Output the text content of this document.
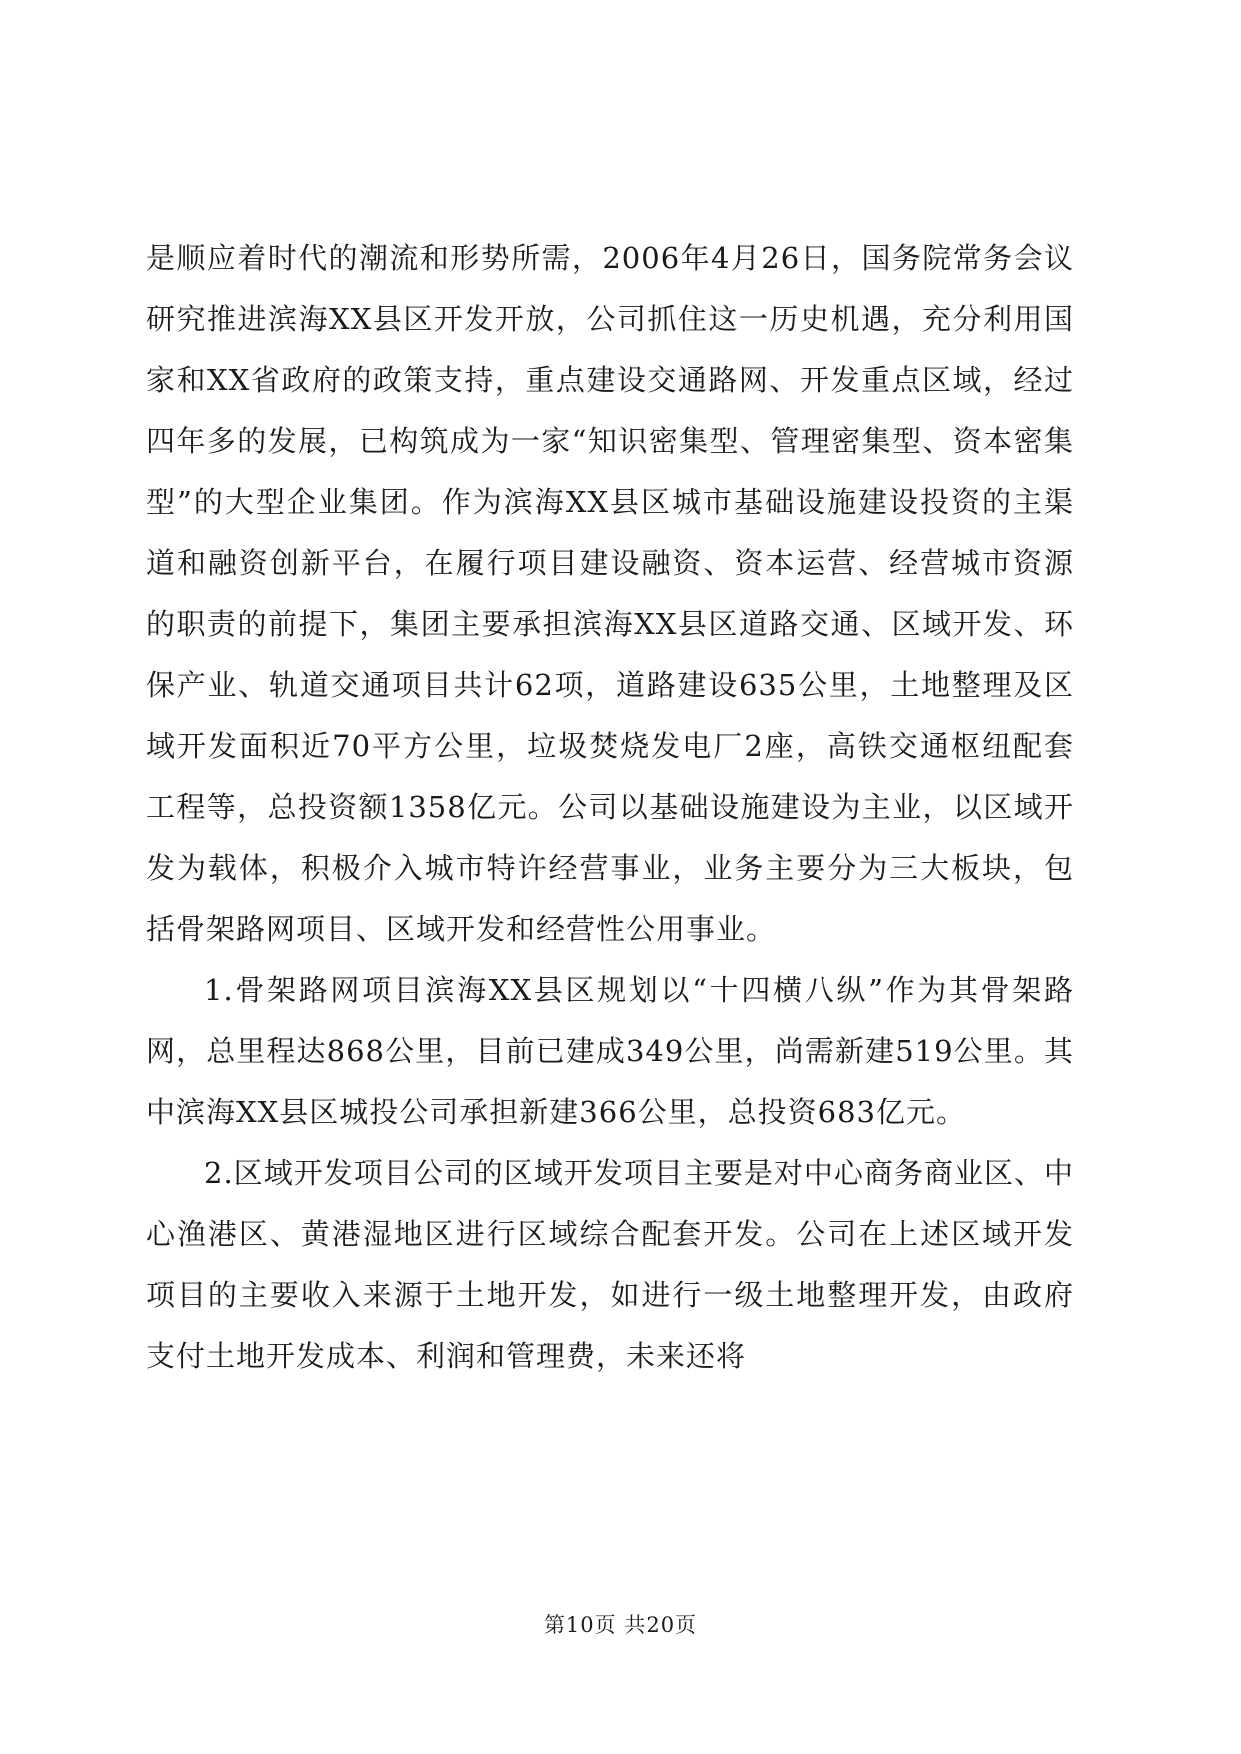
是顺应着时代的潮流和形势所需，2006年4月26日，国务院常务会议研究推进滨海XX县区开发开放，公司抓住这一历史机遇，充分利用国家和XX省政府的政策支持，重点建设交通路网、开发重点区域，经过四年多的发展，已构筑成为一家“知识密集型、管理密集型、资本密集型”的大型企业集团。作为滨海XX县区城市基础设施建设投资的主渠道和融资创新平台，在履行项目建设融资、资本运营、经营城市资源的职责的前提下，集团主要承担滨海XX县区道路交通、区域开发、环保产业、轨道交通项目共计62项，道路建设635公里，土地整理及区域开发面积近70平方公里，垃圾焚烧发电厂2座，高铁交通枢纽配套工程等，总投资额1358亿元。公司以基础设施建设为主业，以区域开发为载体，积极介入城市特许经营事业，业务主要分为三大板块，包括骨架路网项目、区域开发和经营性公用事业。

1.骨架路网项目滨海XX县区规划以“十四横八纵”作为其骨架路网，总里程达868公里，目前已建成349公里，尚需新建519公里。其中滨海XX县区城投公司承担新建366公里，总投资683亿元。

2.区域开发项目公司的区域开发项目主要是对中心商务商业区、中心渔港区、黄港湿地区进行区域综合配套开发。公司在上述区域开发项目的主要收入来源于土地开发，如进行一级土地整理开发，由政府支付土地开发成本、利润和管理费，未来还将

第10页 共20页
